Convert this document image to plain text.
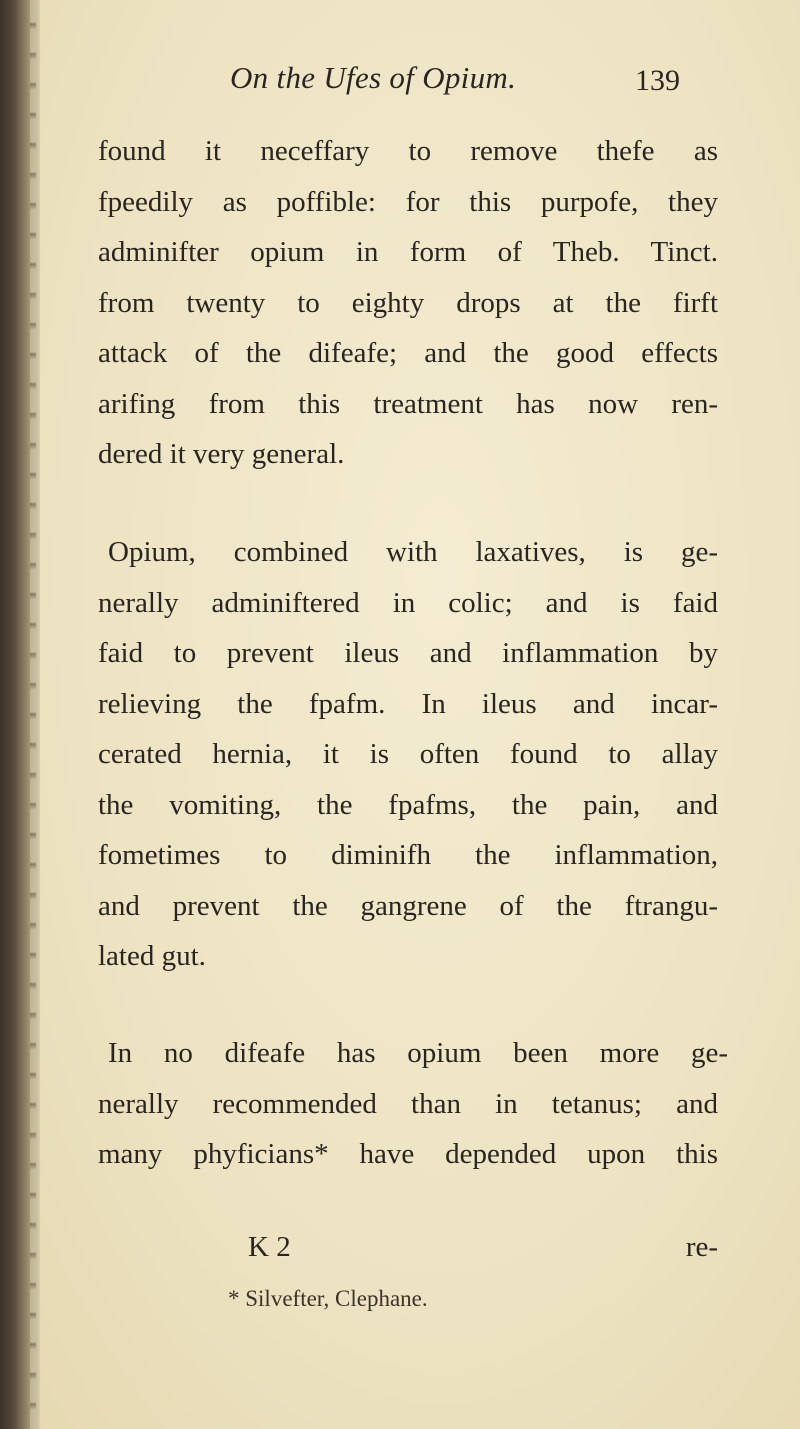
On the Ufes of Opium.	139
found it neceffary to remove thefe as
fpeedily as poffible: for this purpofe, they
adminifter opium in form of Theb. Tinct.
from twenty to eighty drops at the firft
attack of the difeafe; and the good effects
arifing from this treatment has now ren-
dered it very general.
Opium, combined with laxatives, is ge-
nerally adminiftered in colic; and is faid
faid to prevent ileus and inflammation by
relieving the fpafm. In ileus and incar-
cerated hernia, it is often found to allay
the vomiting, the fpafms, the pain, and
fometimes to diminifh the inflammation,
and prevent the gangrene of the ftrangu-
lated gut.
In no difeafe has opium been more ge-
nerally recommended than in tetanus; and
many phyficians* have depended upon this
K 2	re-
* Silvefter, Clephane.
